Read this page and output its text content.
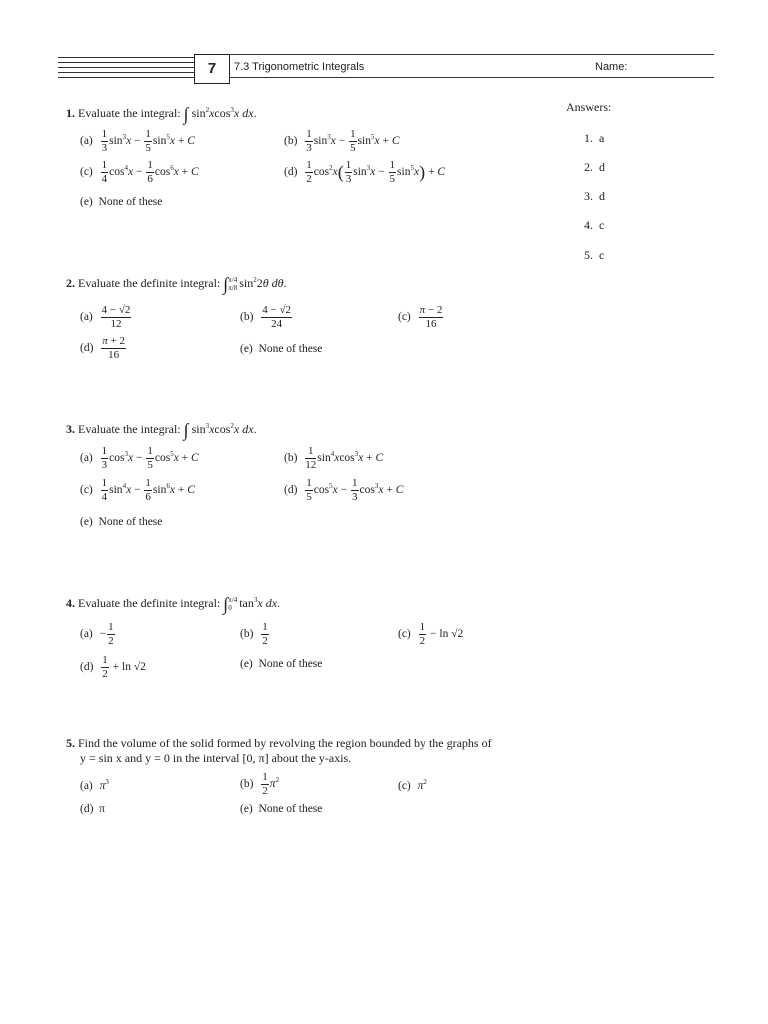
7	7.3 Trigonometric Integrals	Name:
Answers:
1.  a
2.  d
3.  d
4.  c
5.  c
1. Evaluate the integral: ∫ $\sin^2xcos^3x$ dx.
$(a) \frac{1}{3} \sin^3x - \frac{1}{5} \sin^5x + C$	$(b) \frac{1}{3} \sin^3x - \frac{1}{5} \sin^5x + C$
$(c) \frac{1}{4} \cos^4x - \frac{1}{6} \cos^6x + C$	$(d) \frac{1}{2} \cos^2x( \frac{1}{3} \sin^3x - \frac{1}{5} \sin^5x) + C$
(e)  None of these
2. Evaluate the definite integral: ∫π/4
π/8 $\sin^22\theta$ dθ.
$(a) \frac{4 - √2}{12}$	$(b) \frac{4 - √2}{24}$	$(c) \frac{\pi - 2}{16}$
$(d) \frac{\pi + 2}{16}$	(e)  None of these
3. Evaluate the integral: ∫ $\sin^3xcos^2x$ dx.
$(a) \frac{1}{3} \cos^3x - \frac{1}{5} \cos^5x + C$	$(b) \frac{1}{12} \sin^4xcos^3x + C$
$(c) \frac{1}{4} \sin^4x - \frac{1}{6} \sin^6x + C$	$(d) \frac{1}{5} \cos^5x - \frac{1}{3} \cos^3x + C$
(e)  None of these
4. Evaluate the definite integral: ∫π/4
0 $\tan^3x$ dx.
$(a) - \frac{1}{2}$	$(b) \frac{1}{2}$	$(c) \frac{1}{2} - \ln √2$
$(d) \frac{1}{2} + \ln √2$	(e)  None of these
5. Find the volume of the solid formed by revolving the region bounded by the graphs of
y = sin x and y = 0 in the interval [0, π] about the y-axis.
(a) $\pi^3$	$(b) \frac{1}{2} \pi^2$	(c) $\pi^2$
(d)  π	(e)  None of these
